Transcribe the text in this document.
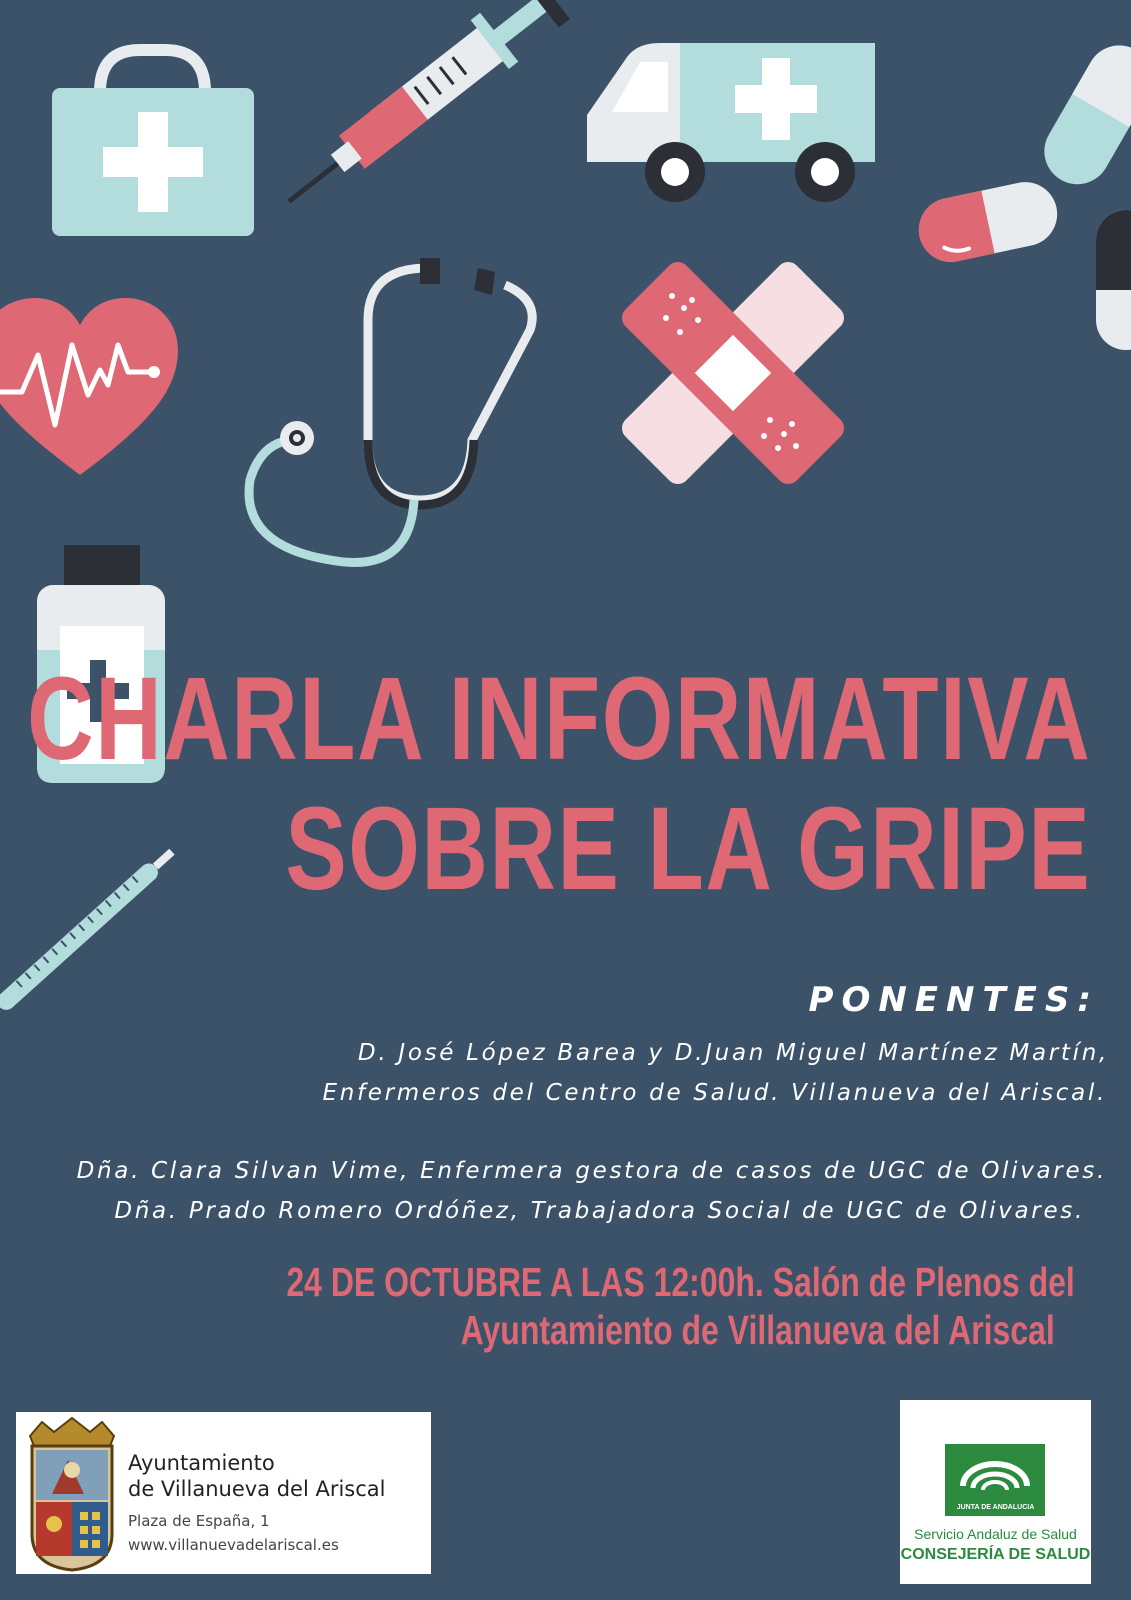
CHARLA INFORMATIVA
SOBRE LA GRIPE
PONENTES:
D. José López Barea y D.Juan Miguel Martínez Martín,
Enfermeros del Centro de Salud. Villanueva del Ariscal.
Dña. Clara Silvan Vime, Enfermera gestora de casos de UGC de Olivares.
Dña. Prado Romero Ordóñez, Trabajadora Social de UGC de Olivares.
24 DE OCTUBRE A LAS 12:00h. Salón de Plenos del
Ayuntamiento de Villanueva del Ariscal
Ayuntamiento
de Villanueva del Ariscal
Plaza de España, 1
www.villanuevadelariscal.es
JUNTA DE ANDALUCIA
Servicio Andaluz de Salud
CONSEJERÍA DE SALUD
